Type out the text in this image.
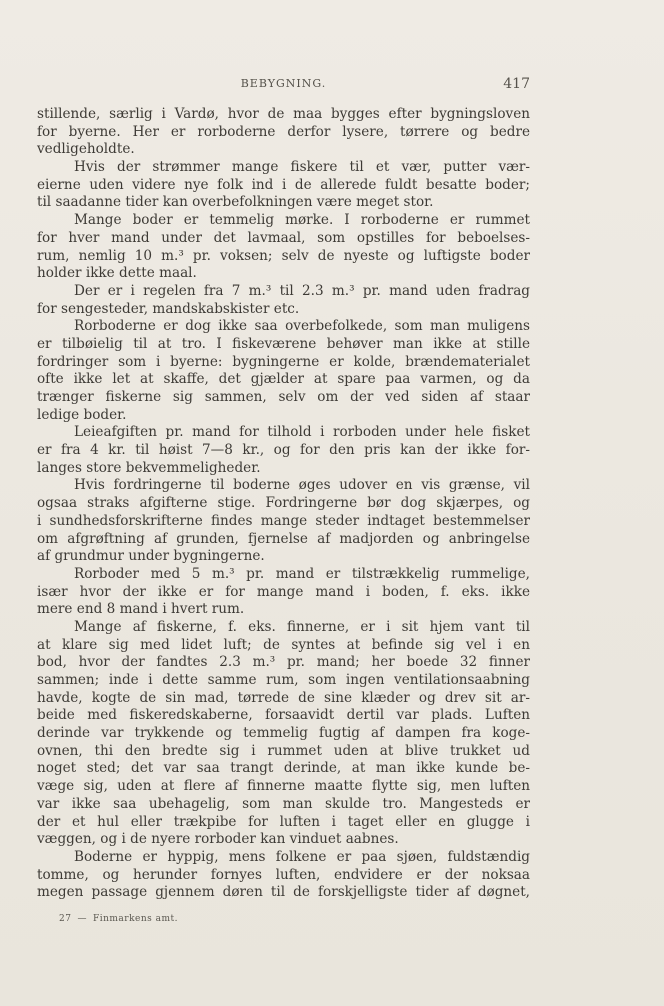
BEBYGNING.	417
stillende, særlig i Vardø, hvor de maa bygges efter bygningsloven
for byerne. Her er rorboderne derfor lysere, tørrere og bedre
vedligeholdte.
Hvis der strømmer mange fiskere til et vær, putter vær-
eierne uden videre nye folk ind i de allerede fuldt besatte boder;
til saadanne tider kan overbefolkningen være meget stor.
Mange boder er temmelig mørke. I rorboderne er rummet
for hver mand under det lavmaal, som opstilles for beboelses-
rum, nemlig 10 m.³ pr. voksen; selv de nyeste og luftigste boder
holder ikke dette maal.
Der er i regelen fra 7 m.³ til 2.3 m.³ pr. mand uden fradrag
for sengesteder, mandskabskister etc.
Rorboderne er dog ikke saa overbefolkede, som man muligens
er tilbøielig til at tro. I fiskeværene behøver man ikke at stille
fordringer som i byerne: bygningerne er kolde, brændematerialet
ofte ikke let at skaffe, det gjælder at spare paa varmen, og da
trænger fiskerne sig sammen, selv om der ved siden af staar
ledige boder.
Leieafgiften pr. mand for tilhold i rorboden under hele fisket
er fra 4 kr. til høist 7—8 kr., og for den pris kan der ikke for-
langes store bekvemmeligheder.
Hvis fordringerne til boderne øges udover en vis grænse, vil
ogsaa straks afgifterne stige. Fordringerne bør dog skjærpes, og
i sundhedsforskrifterne findes mange steder indtaget bestemmelser
om afgrøftning af grunden, fjernelse af madjorden og anbringelse
af grundmur under bygningerne.
Rorboder med 5 m.³ pr. mand er tilstrækkelig rummelige,
især hvor der ikke er for mange mand i boden, f. eks. ikke
mere end 8 mand i hvert rum.
Mange af fiskerne, f. eks. finnerne, er i sit hjem vant til
at klare sig med lidet luft; de syntes at befinde sig vel i en
bod, hvor der fandtes 2.3 m.³ pr. mand; her boede 32 finner
sammen; inde i dette samme rum, som ingen ventilationsaabning
havde, kogte de sin mad, tørrede de sine klæder og drev sit ar-
beide med fiskeredskaberne, forsaavidt dertil var plads. Luften
derinde var trykkende og temmelig fugtig af dampen fra koge-
ovnen, thi den bredte sig i rummet uden at blive trukket ud
noget sted; det var saa trangt derinde, at man ikke kunde be-
væge sig, uden at flere af finnerne maatte flytte sig, men luften
var ikke saa ubehagelig, som man skulde tro. Mangesteds er
der et hul eller trækpibe for luften i taget eller en glugge i
væggen, og i de nyere rorboder kan vinduet aabnes.
Boderne er hyppig, mens folkene er paa sjøen, fuldstændig
tomme, og herunder fornyes luften, endvidere er der noksaa
megen passage gjennem døren til de forskjelligste tider af døgnet,
27 — Finmarkens amt.
